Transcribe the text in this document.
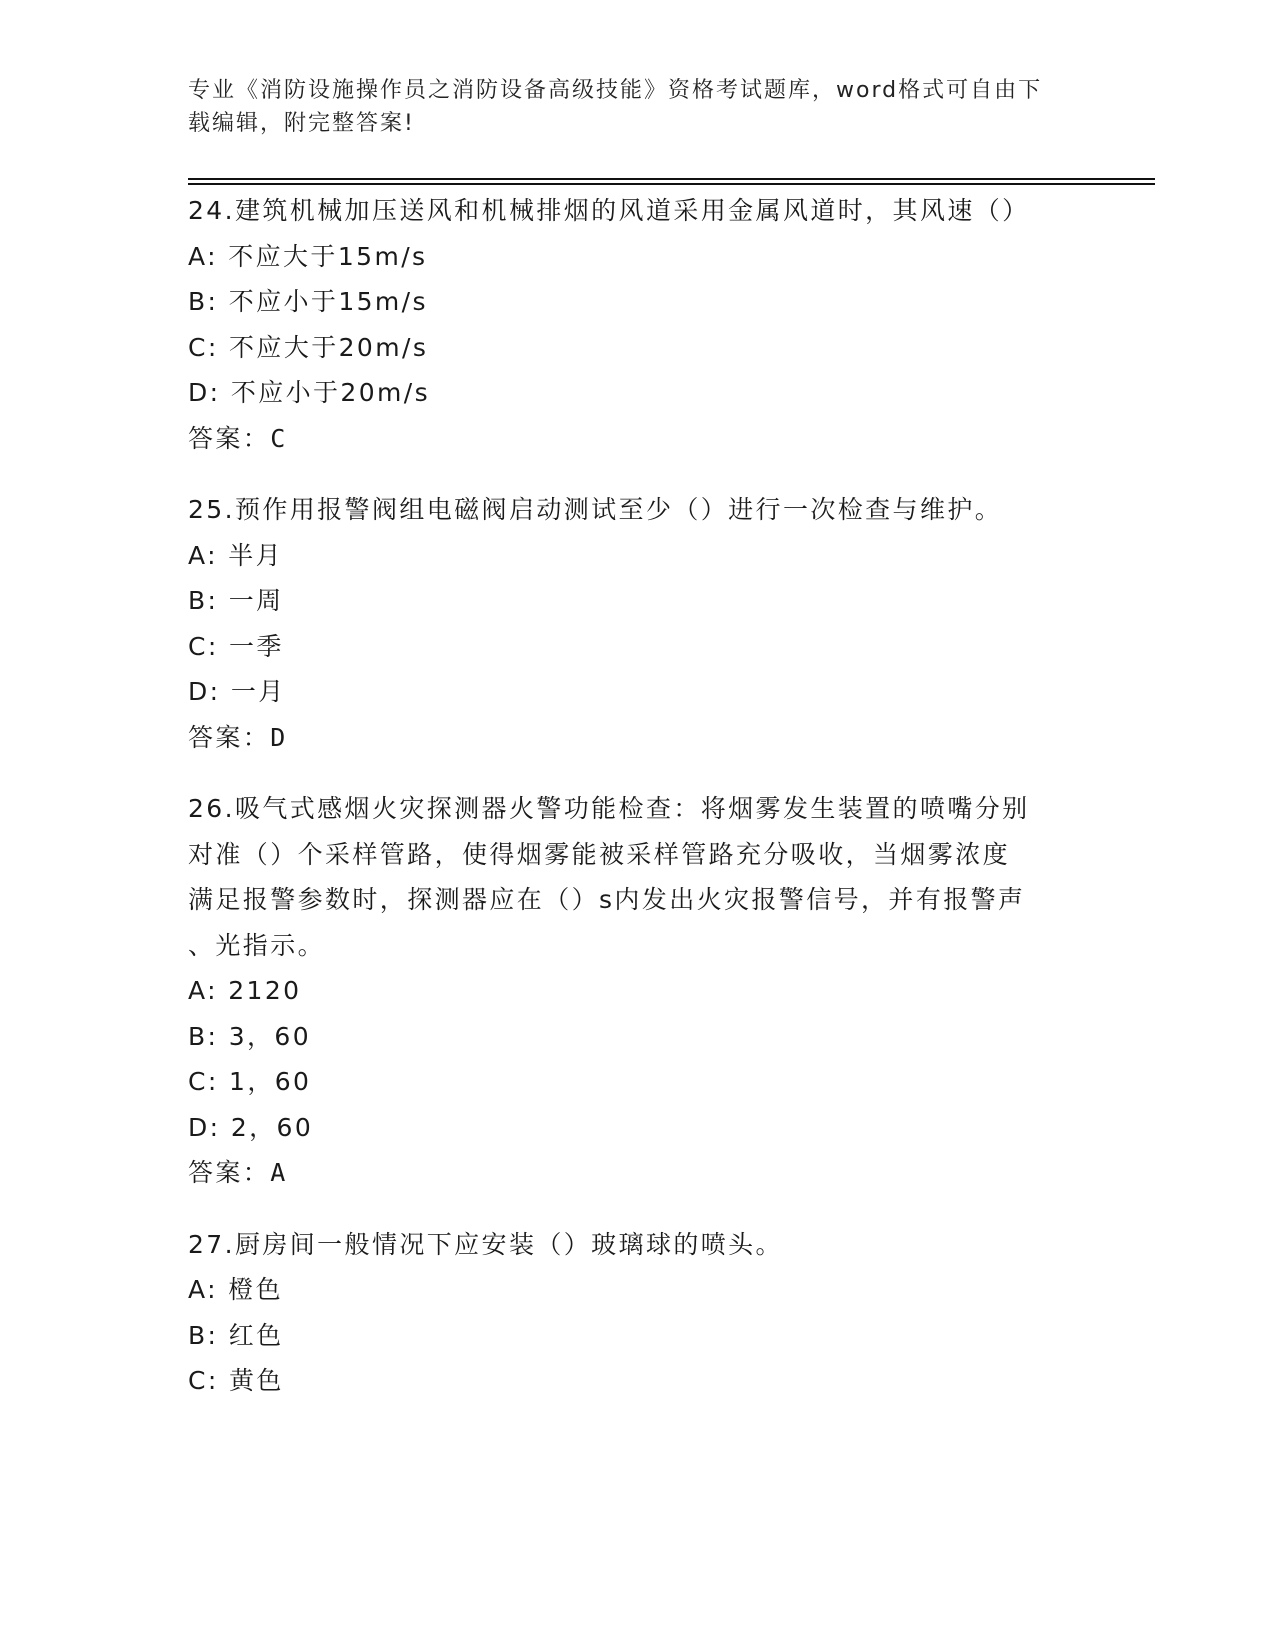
专业《消防设施操作员之消防设备高级技能》资格考试题库，word格式可自由下
载编辑，附完整答案!
24.建筑机械加压送风和机械排烟的风道采用金属风道时，其风速（）
A: 不应大于15m/s
B: 不应小于15m/s
C: 不应大于20m/s
D: 不应小于20m/s
答案：C
25.预作用报警阀组电磁阀启动测试至少（）进行一次检查与维护。
A: 半月
B: 一周
C: 一季
D: 一月
答案：D
26.吸气式感烟火灾探测器火警功能检查：将烟雾发生装置的喷嘴分别
对准（）个采样管路，使得烟雾能被采样管路充分吸收，当烟雾浓度
满足报警参数时，探测器应在（）s内发出火灾报警信号，并有报警声
、光指示。
A: 2120
B: 3，60
C: 1，60
D: 2，60
答案：A
27.厨房间一般情况下应安装（）玻璃球的喷头。
A: 橙色
B: 红色
C: 黄色
